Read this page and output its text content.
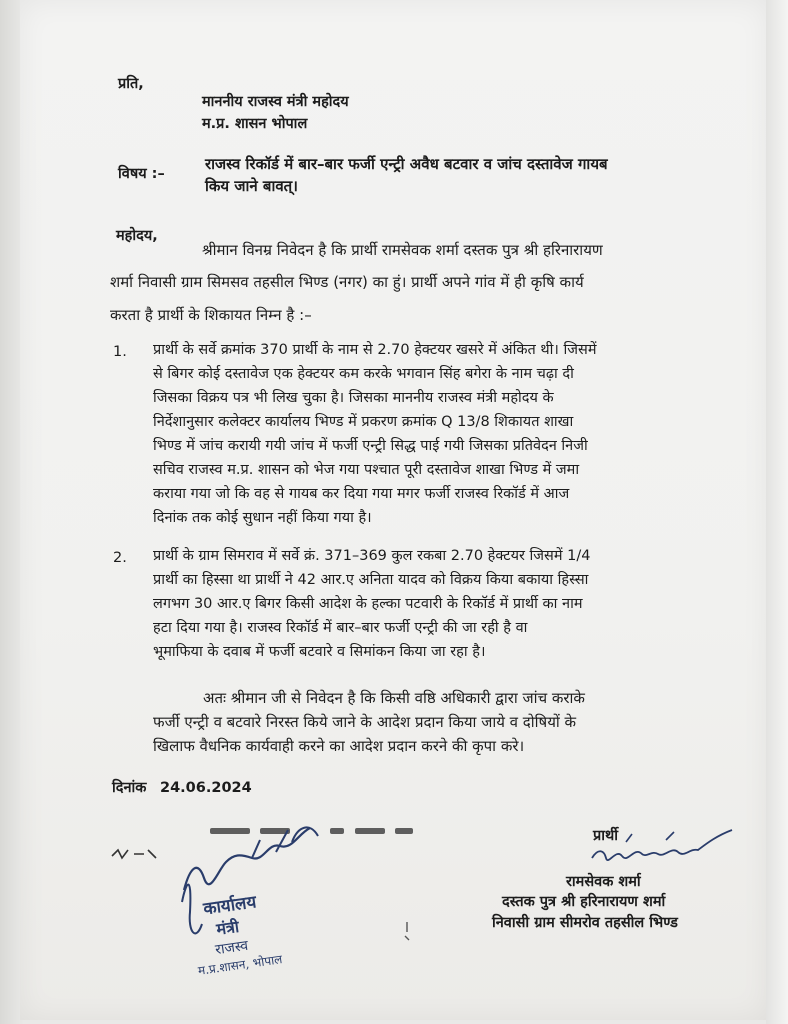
प्रति,
माननीय राजस्व मंत्री महोदय
म.प्र. शासन भोपाल
विषय :–
राजस्व रिकॉर्ड में बार–बार फर्जी एन्ट्री अवैध बटवार व जांच दस्तावेज गायब
किय जाने बावत्।
महोदय,
श्रीमान विनम्र निवेदन है कि प्रार्थी रामसेवक शर्मा दस्तक पुत्र श्री हरिनारायण
शर्मा निवासी ग्राम सिमसव तहसील भिण्ड (नगर) का हुं। प्रार्थी अपने गांव में ही कृषि कार्य
करता है प्रार्थी के शिकायत निम्न है :–
1. प्रार्थी के सर्वे क्रमांक 370 प्रार्थी के नाम से 2.70 हेक्टयर खसरे में अंकित थी। जिसमें
से बिगर कोई दस्तावेज एक हेक्टयर कम करके भगवान सिंह बगेरा के नाम चढ़ा दी
जिसका विक्रय पत्र भी लिख चुका है। जिसका माननीय राजस्व मंत्री महोदय के
निर्देशानुसार कलेक्टर कार्यालय भिण्ड में प्रकरण क्रमांक Q 13/8 शिकायत शाखा
भिण्ड में जांच करायी गयी जांच में फर्जी एन्ट्री सिद्ध पाई गयी जिसका प्रतिवेदन निजी
सचिव राजस्व म.प्र. शासन को भेज गया पश्चात पूरी दस्तावेज शाखा भिण्ड में जमा
कराया गया जो कि वह से गायब कर दिया गया मगर फर्जी राजस्व रिकॉर्ड में आज
दिनांक तक कोई सुधान नहीं किया गया है।
2. प्रार्थी के ग्राम सिमराव में सर्वे क्रं. 371–369 कुल रकबा 2.70 हेक्टयर जिसमें 1/4
प्रार्थी का हिस्सा था प्रार्थी ने 42 आर.ए अनिता यादव को विक्रय किया बकाया हिस्सा
लगभग 30 आर.ए बिगर किसी आदेश के हल्का पटवारी के रिकॉर्ड में प्रार्थी का नाम
हटा दिया गया है। राजस्व रिकॉर्ड में बार–बार फर्जी एन्ट्री की जा रही है वा
भूमाफिया के दवाब में फर्जी बटवारे व सिमांकन किया जा रहा है।
अतः श्रीमान जी से निवेदन है कि किसी वष्ठि अधिकारी द्वारा जांच कराके
फर्जी एन्ट्री व बटवारे निरस्त किये जाने के आदेश प्रदान किया जाये व दोषियों के
खिलाफ वैधनिक कार्यवाही करने का आदेश प्रदान करने की कृपा करे।
दिनांक 24.06.2024
कार्यालय
मंत्री
राजस्व
म.प्र.शासन, भोपाल
प्रार्थी
रामसेवक शर्मा
दस्तक पुत्र श्री हरिनारायण शर्मा
निवासी ग्राम सीमरोव तहसील भिण्ड
